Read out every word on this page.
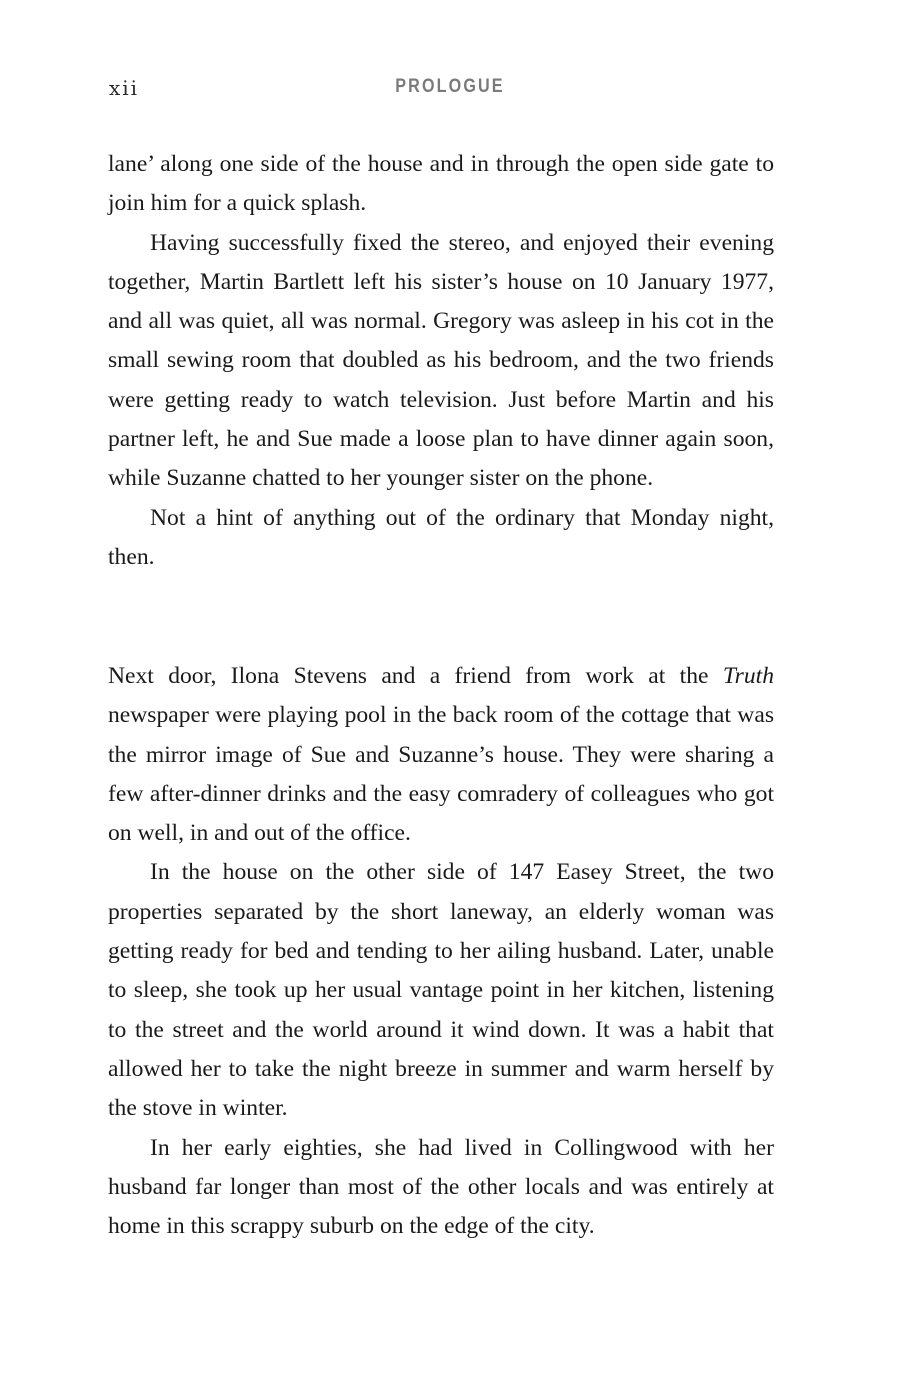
xii	PROLOGUE

lane’ along one side of the house and in through the open side gate to join him for a quick splash.

Having successfully fixed the stereo, and enjoyed their evening together, Martin Bartlett left his sister’s house on 10 January 1977, and all was quiet, all was normal. Gregory was asleep in his cot in the small sewing room that doubled as his bedroom, and the two friends were getting ready to watch television. Just before Martin and his partner left, he and Sue made a loose plan to have dinner again soon, while Suzanne chatted to her younger sister on the phone.

Not a hint of anything out of the ordinary that Monday night, then.

Next door, Ilona Stevens and a friend from work at the Truth newspaper were playing pool in the back room of the cottage that was the mirror image of Sue and Suzanne’s house. They were sharing a few after-dinner drinks and the easy comradery of colleagues who got on well, in and out of the office.

In the house on the other side of 147 Easey Street, the two properties separated by the short laneway, an elderly woman was getting ready for bed and tending to her ailing husband. Later, unable to sleep, she took up her usual vantage point in her kitchen, listening to the street and the world around it wind down. It was a habit that allowed her to take the night breeze in summer and warm herself by the stove in winter.

In her early eighties, she had lived in Collingwood with her husband far longer than most of the other locals and was entirely at home in this scrappy suburb on the edge of the city.
